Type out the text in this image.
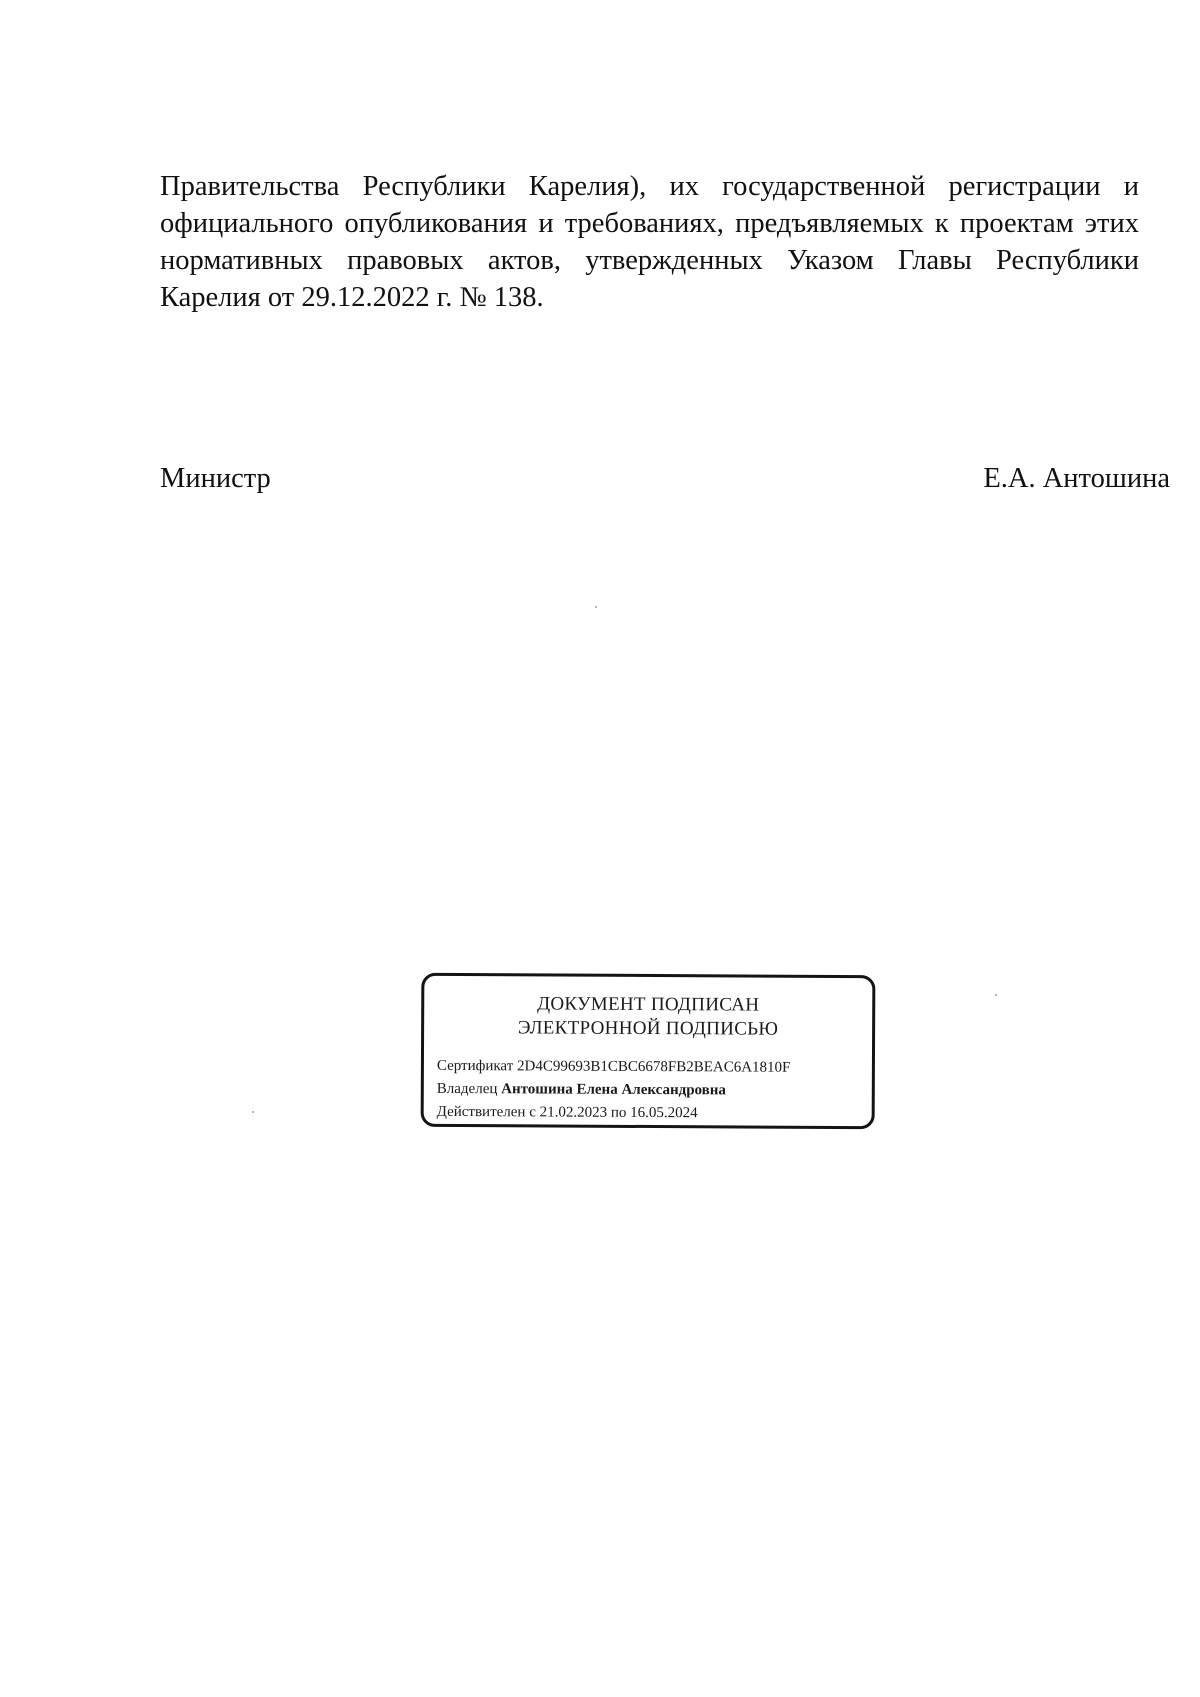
Правительства Республики Карелия), их государственной регистрации и официального опубликования и требованиях, предъявляемых к проектам этих нормативных правовых актов, утвержденных Указом Главы Республики Карелия от 29.12.2022 г. № 138.

Министр	Е.А. Антошина
ДОКУМЕНТ ПОДПИСАН
ЭЛЕКТРОННОЙ ПОДПИСЬЮ
Сертификат 2D4C99693B1CBC6678FB2BEAC6A1810F
Владелец Антошина Елена Александровна
Действителен с 21.02.2023 по 16.05.2024
